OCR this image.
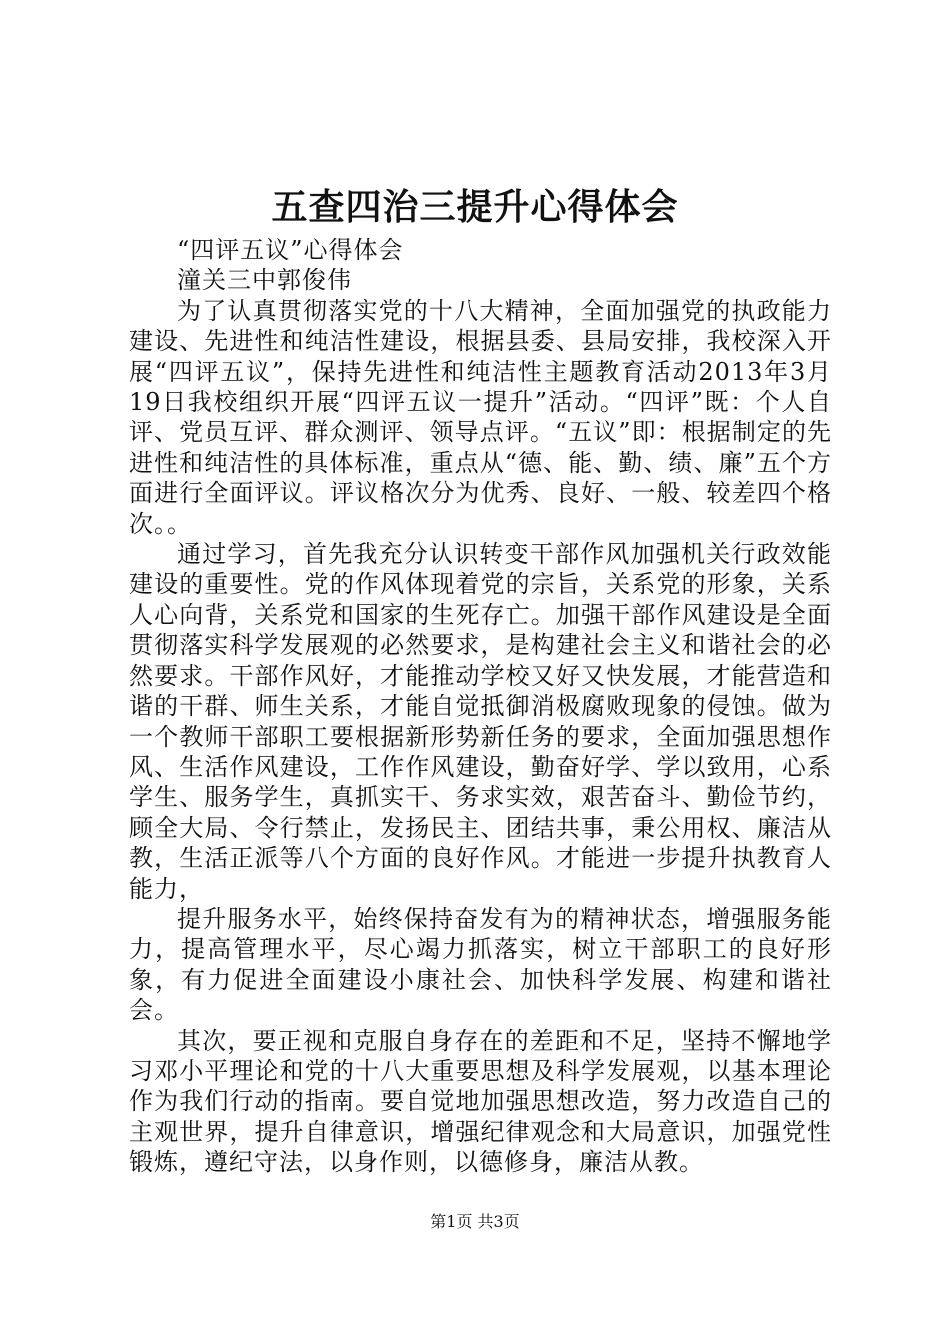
五查四治三提升心得体会

“四评五议”心得体会

潼关三中郭俊伟

为了认真贯彻落实党的十八大精神，全面加强党的执政能力建设、先进性和纯洁性建设，根据县委、县局安排，我校深入开展“四评五议”，保持先进性和纯洁性主题教育活动2013年3月19日我校组织开展“四评五议一提升”活动。“四评”既：个人自评、党员互评、群众测评、领导点评。“五议”即：根据制定的先进性和纯洁性的具体标准，重点从“德、能、勤、绩、廉”五个方面进行全面评议。评议格次分为优秀、良好、一般、较差四个格次。。

通过学习，首先我充分认识转变干部作风加强机关行政效能建设的重要性。党的作风体现着党的宗旨，关系党的形象，关系人心向背，关系党和国家的生死存亡。加强干部作风建设是全面贯彻落实科学发展观的必然要求，是构建社会主义和谐社会的必然要求。干部作风好，才能推动学校又好又快发展，才能营造和谐的干群、师生关系，才能自觉抵御消极腐败现象的侵蚀。做为一个教师干部职工要根据新形势新任务的要求，全面加强思想作风、生活作风建设，工作作风建设，勤奋好学、学以致用，心系学生、服务学生，真抓实干、务求实效，艰苦奋斗、勤俭节约，顾全大局、令行禁止，发扬民主、团结共事，秉公用权、廉洁从教，生活正派等八个方面的良好作风。才能进一步提升执教育人能力，

提升服务水平，始终保持奋发有为的精神状态，增强服务能力，提高管理水平，尽心竭力抓落实，树立干部职工的良好形象，有力促进全面建设小康社会、加快科学发展、构建和谐社会。

其次，要正视和克服自身存在的差距和不足，坚持不懈地学习邓小平理论和党的十八大重要思想及科学发展观，以基本理论作为我们行动的指南。要自觉地加强思想改造，努力改造自己的主观世界，提升自律意识，增强纪律观念和大局意识，加强党性锻炼，遵纪守法，以身作则，以德修身，廉洁从教。

第1页 共3页
